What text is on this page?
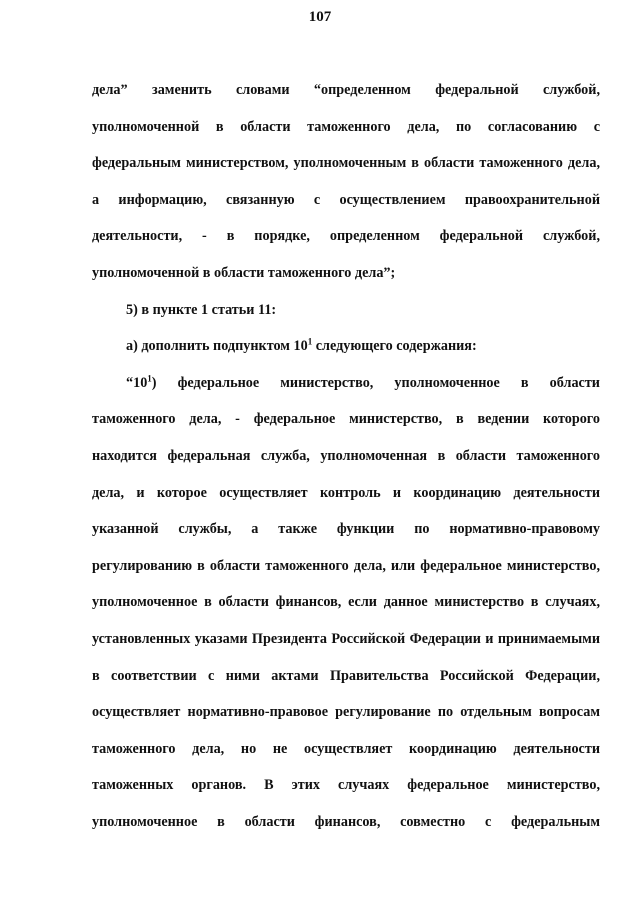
107
дела” заменить словами “определенном федеральной службой,
уполномоченной в области таможенного дела, по согласованию с
федеральным министерством, уполномоченным в области таможенного дела,
а информацию, связанную с осуществлением правоохранительной
деятельности, - в порядке, определенном федеральной службой,
уполномоченной в области таможенного дела”;
5) в пункте 1 статьи 11:
а) дополнить подпунктом $10^1$ следующего содержания:
“$10^1$) федеральное министерство, уполномоченное в области
таможенного дела, - федеральное министерство, в ведении которого
находится федеральная служба, уполномоченная в области таможенного
дела, и которое осуществляет контроль и координацию деятельности
указанной службы, а также функции по нормативно-правовому
регулированию в области таможенного дела, или федеральное министерство,
уполномоченное в области финансов, если данное министерство в случаях,
установленных указами Президента Российской Федерации и принимаемыми
в соответствии с ними актами Правительства Российской Федерации,
осуществляет нормативно-правовое регулирование по отдельным вопросам
таможенного дела, но не осуществляет координацию деятельности
таможенных органов. В этих случаях федеральное министерство,
уполномоченное в области финансов, совместно с федеральным
